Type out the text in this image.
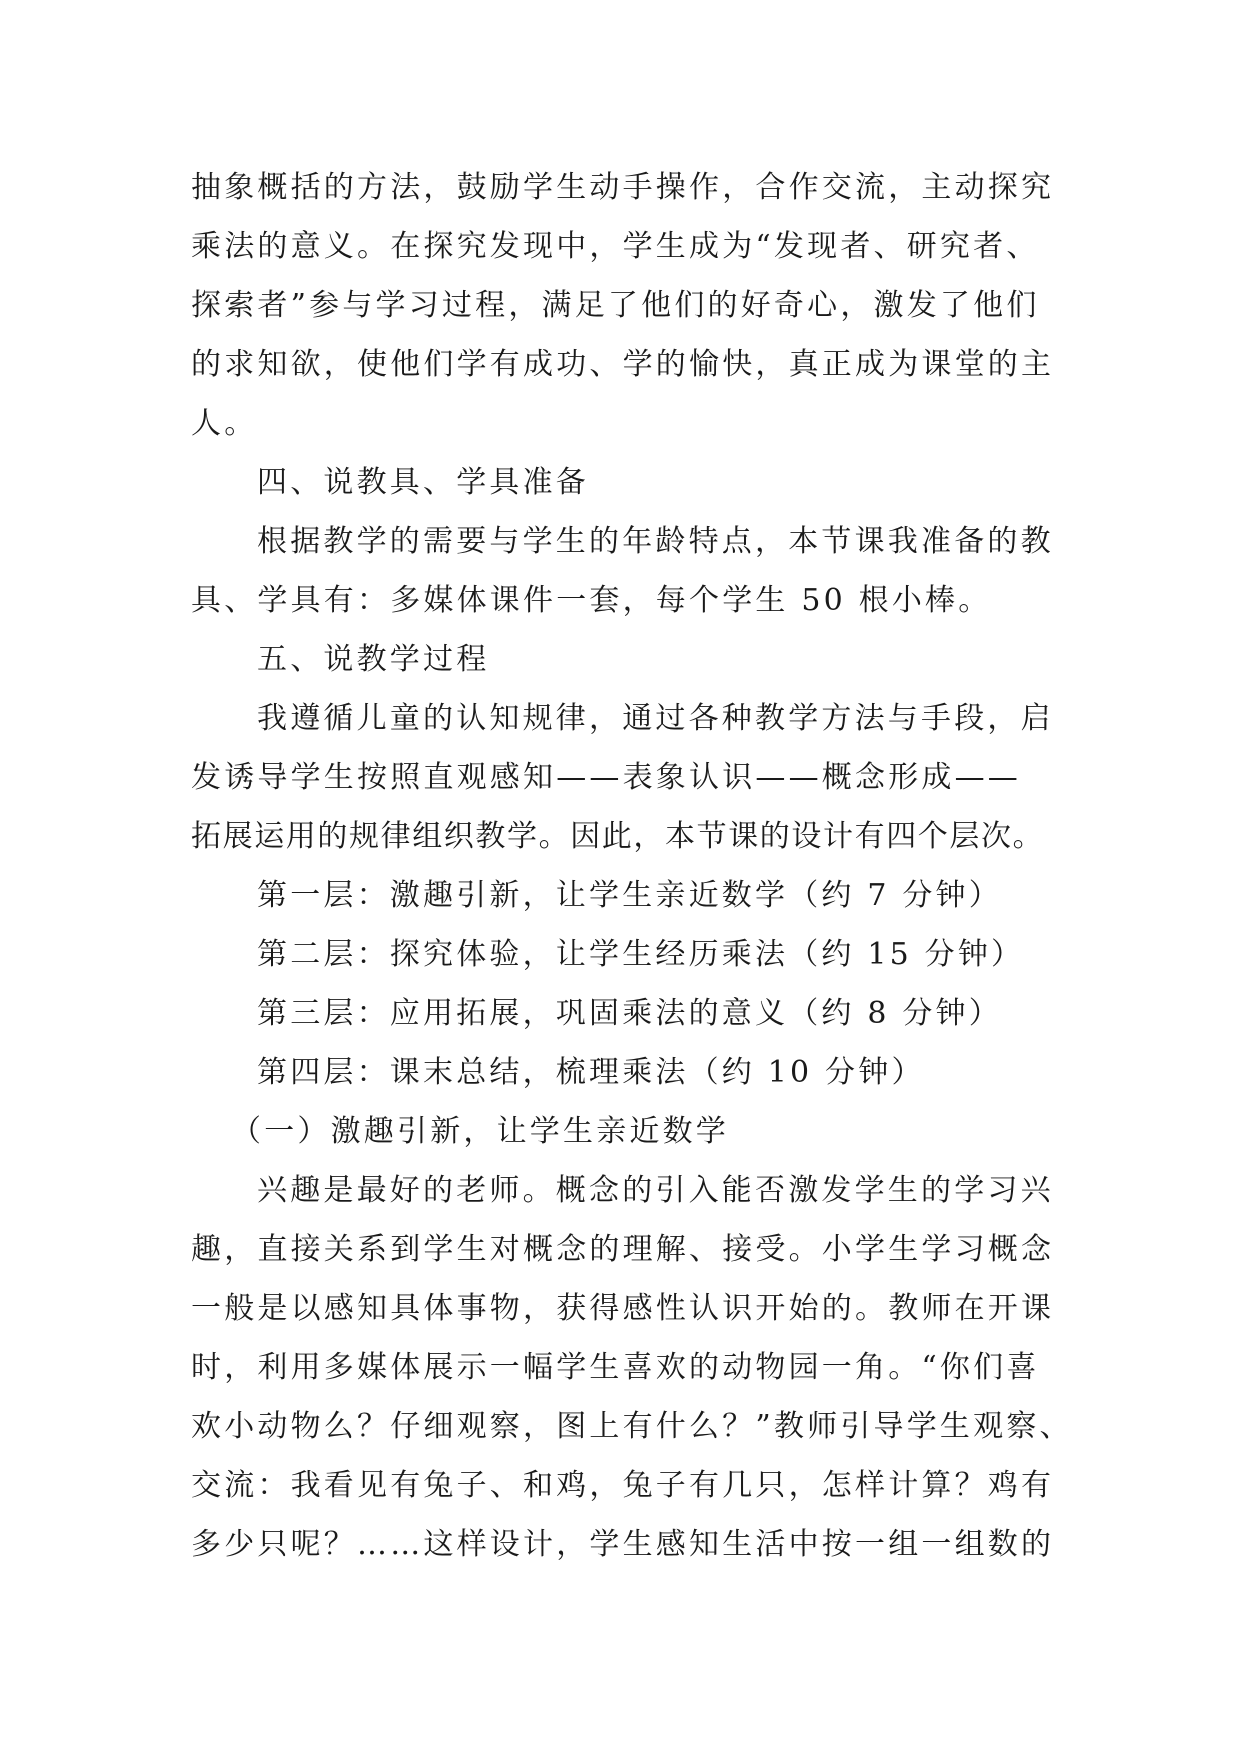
抽象概括的方法，鼓励学生动手操作，合作交流，主动探究
乘法的意义。在探究发现中，学生成为“发现者、研究者、
探索者”参与学习过程，满足了他们的好奇心，激发了他们
的求知欲，使他们学有成功、学的愉快，真正成为课堂的主
人。
四、说教具、学具准备
根据教学的需要与学生的年龄特点，本节课我准备的教
具、学具有：多媒体课件一套，每个学生 50 根小棒。
五、说教学过程
我遵循儿童的认知规律，通过各种教学方法与手段，启
发诱导学生按照直观感知——表象认识——概念形成——
拓展运用的规律组织教学。因此，本节课的设计有四个层次。
第一层：激趣引新，让学生亲近数学（约 7 分钟）
第二层：探究体验，让学生经历乘法（约 15 分钟）
第三层：应用拓展，巩固乘法的意义（约 8 分钟）
第四层：课末总结，梳理乘法（约 10 分钟）
（一）激趣引新，让学生亲近数学
兴趣是最好的老师。概念的引入能否激发学生的学习兴
趣，直接关系到学生对概念的理解、接受。小学生学习概念
一般是以感知具体事物，获得感性认识开始的。教师在开课
时，利用多媒体展示一幅学生喜欢的动物园一角。“你们喜
欢小动物么？仔细观察，图上有什么？”教师引导学生观察、
交流：我看见有兔子、和鸡，兔子有几只，怎样计算？鸡有
多少只呢？……这样设计，学生感知生活中按一组一组数的
